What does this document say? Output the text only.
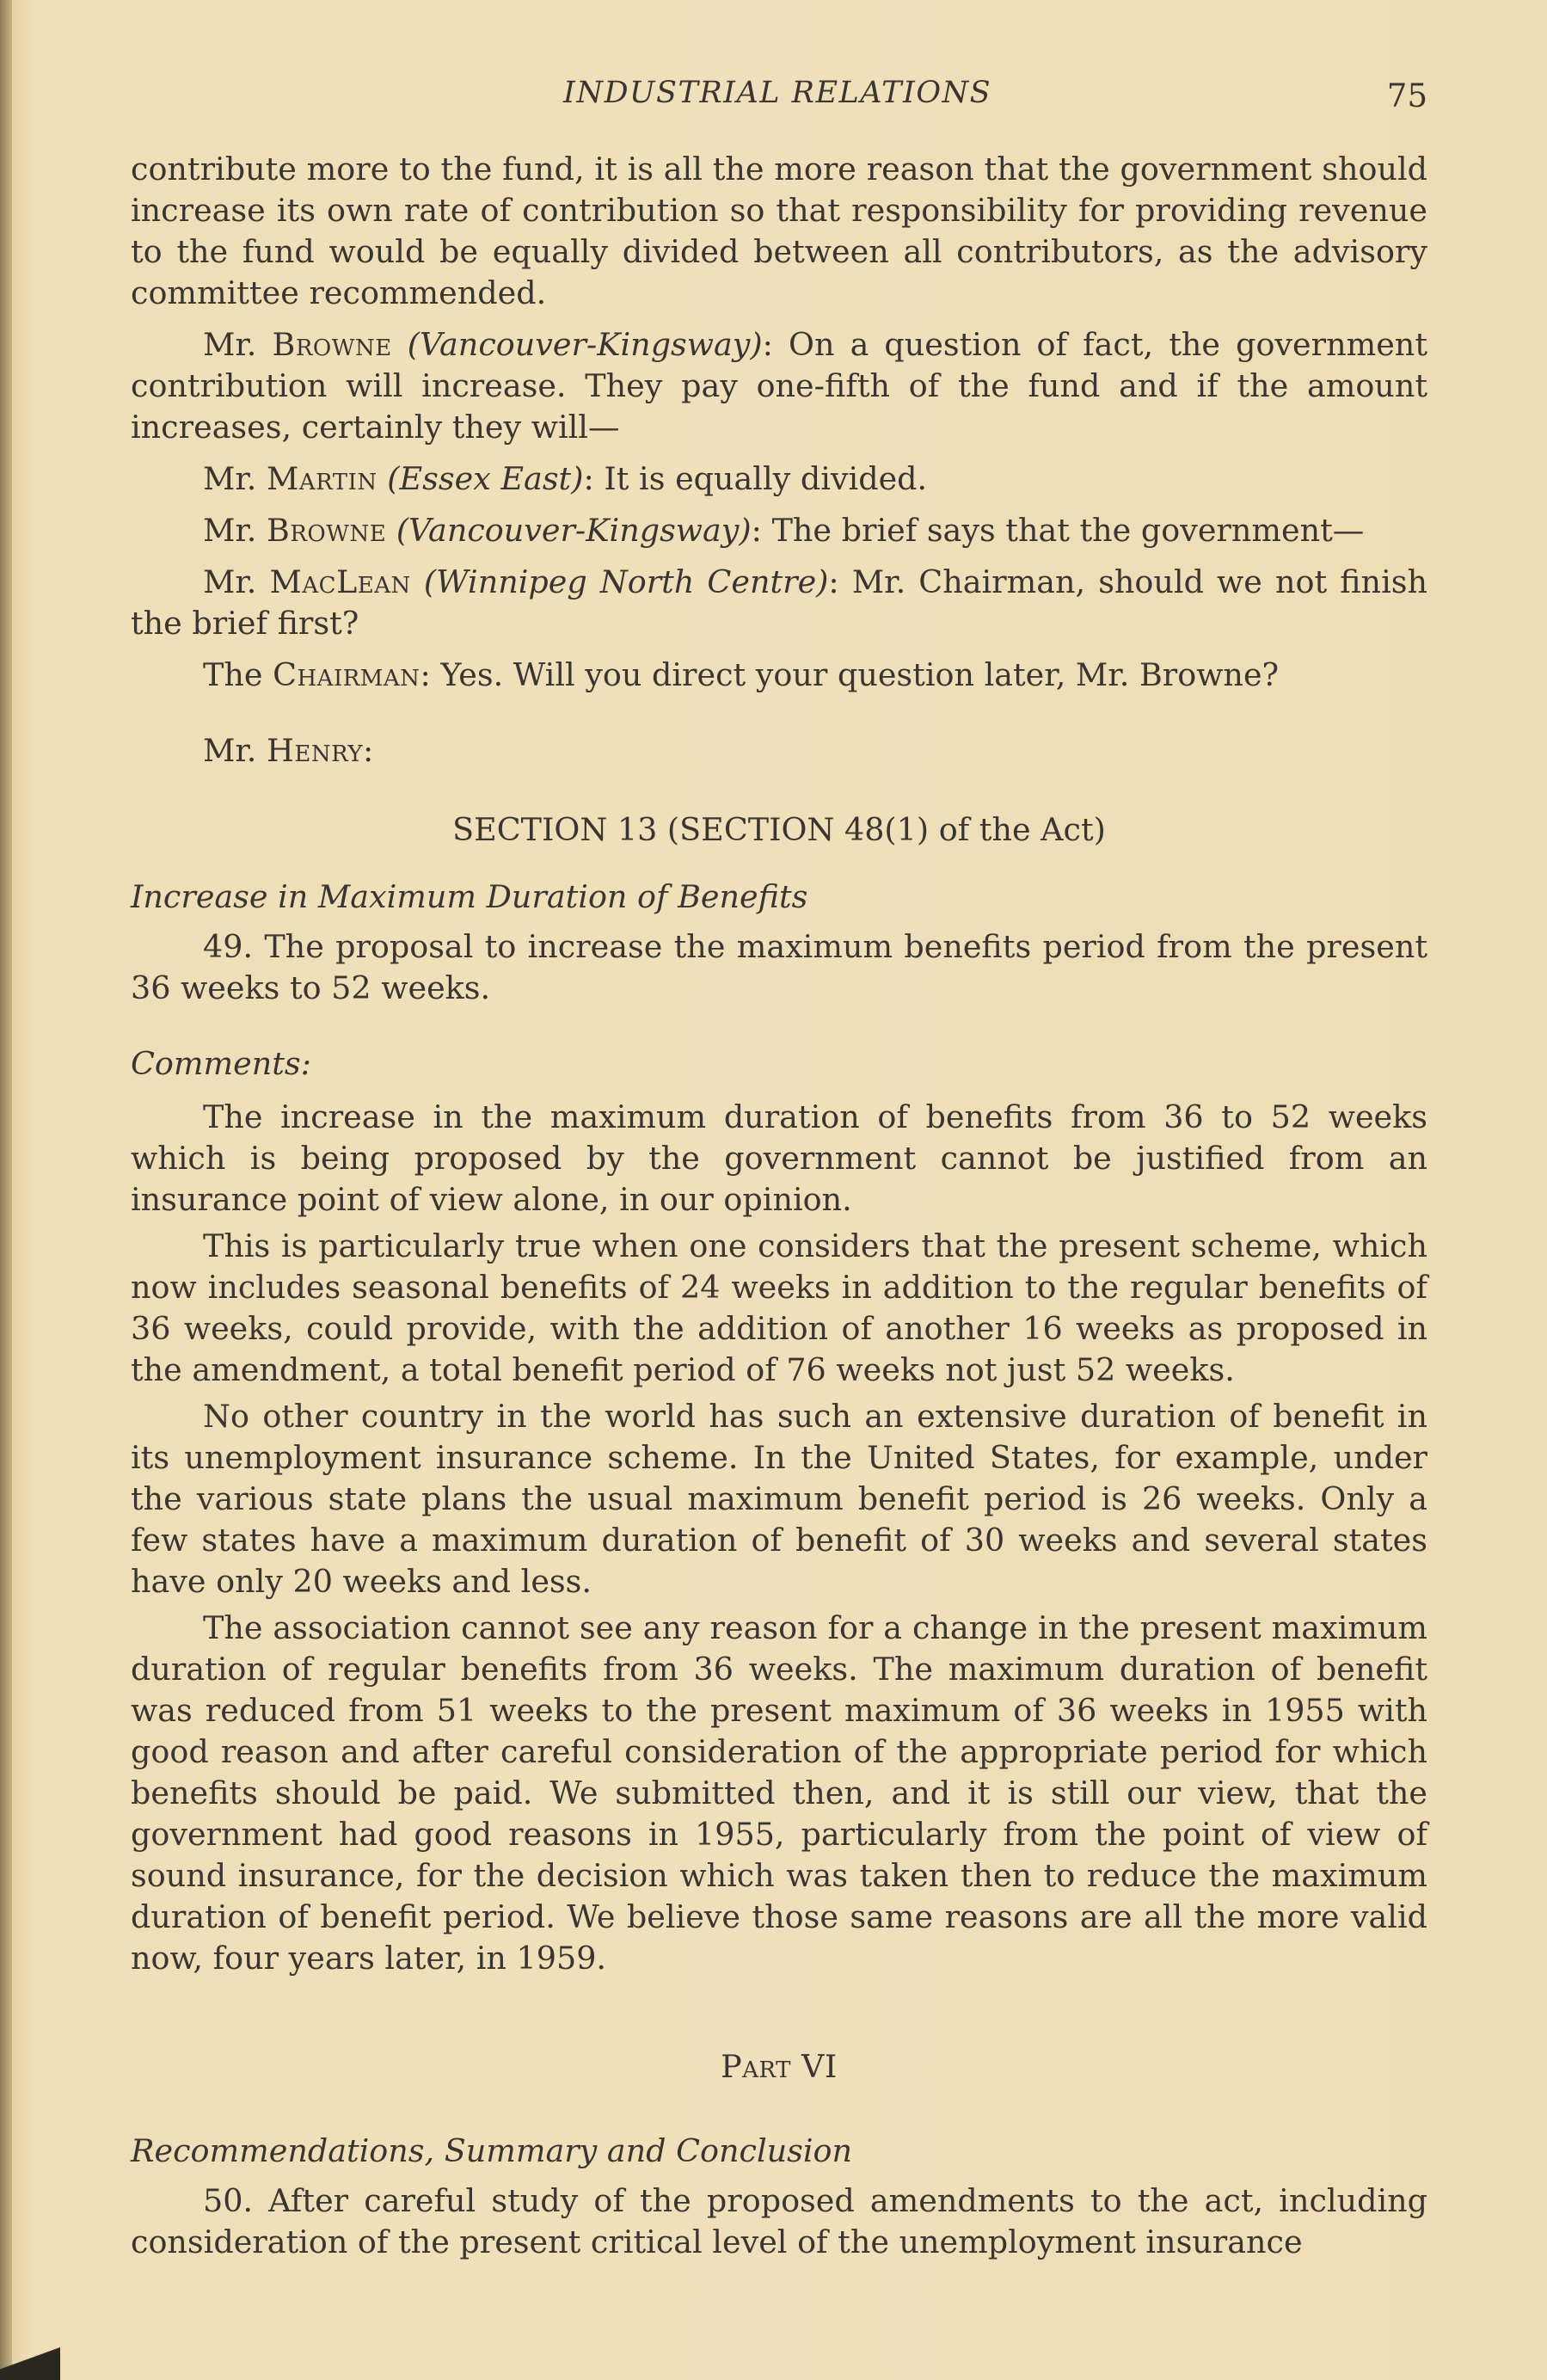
INDUSTRIAL RELATIONS	75

contribute more to the fund, it is all the more reason that the government should increase its own rate of contribution so that responsibility for providing revenue to the fund would be equally divided between all contributors, as the advisory committee recommended.

Mr. Browne (Vancouver-Kingsway): On a question of fact, the government contribution will increase. They pay one-fifth of the fund and if the amount increases, certainly they will—

Mr. Martin (Essex East): It is equally divided.

Mr. Browne (Vancouver-Kingsway): The brief says that the government—

Mr. MacLean (Winnipeg North Centre): Mr. Chairman, should we not finish the brief first?

The Chairman: Yes. Will you direct your question later, Mr. Browne?

Mr. Henry:

SECTION 13 (SECTION 48(1) of the Act)

Increase in Maximum Duration of Benefits

49. The proposal to increase the maximum benefits period from the present 36 weeks to 52 weeks.

Comments:

The increase in the maximum duration of benefits from 36 to 52 weeks which is being proposed by the government cannot be justified from an insurance point of view alone, in our opinion.

This is particularly true when one considers that the present scheme, which now includes seasonal benefits of 24 weeks in addition to the regular benefits of 36 weeks, could provide, with the addition of another 16 weeks as proposed in the amendment, a total benefit period of 76 weeks not just 52 weeks.

No other country in the world has such an extensive duration of benefit in its unemployment insurance scheme. In the United States, for example, under the various state plans the usual maximum benefit period is 26 weeks. Only a few states have a maximum duration of benefit of 30 weeks and several states have only 20 weeks and less.

The association cannot see any reason for a change in the present maximum duration of regular benefits from 36 weeks. The maximum duration of benefit was reduced from 51 weeks to the present maximum of 36 weeks in 1955 with good reason and after careful consideration of the appropriate period for which benefits should be paid. We submitted then, and it is still our view, that the government had good reasons in 1955, particularly from the point of view of sound insurance, for the decision which was taken then to reduce the maximum duration of benefit period. We believe those same reasons are all the more valid now, four years later, in 1959.

Part VI

Recommendations, Summary and Conclusion

50. After careful study of the proposed amendments to the act, including consideration of the present critical level of the unemployment insurance
